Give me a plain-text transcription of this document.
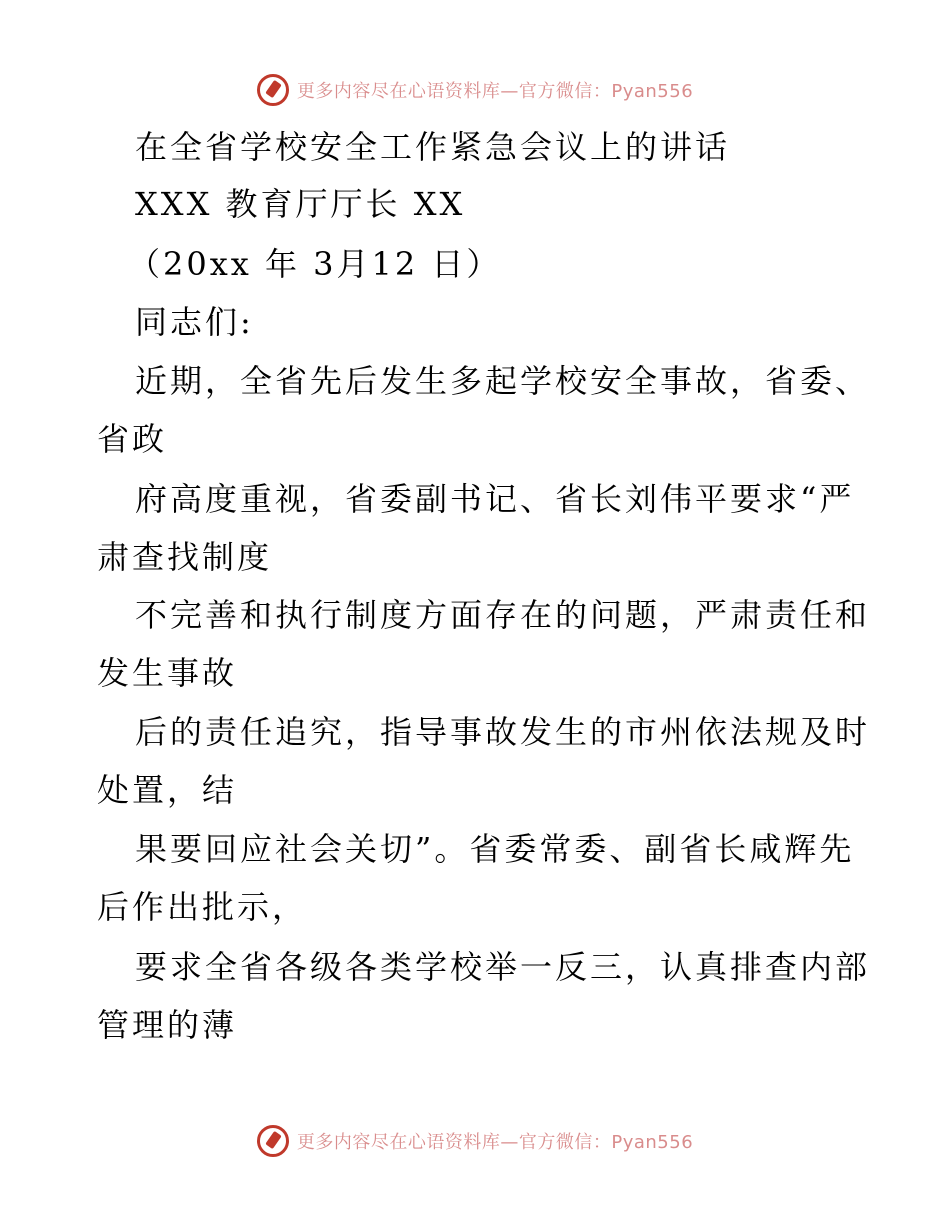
更多内容尽在心语资料库—官方微信：Pyan556
在全省学校安全工作紧急会议上的讲话
XXX 教育厅厅长 XX
（20xx 年 3月12 日）
同志们:
近期，全省先后发生多起学校安全事故，省委、
省政
府高度重视，省委副书记、省长刘伟平要求“严
肃查找制度
不完善和执行制度方面存在的问题，严肃责任和
发生事故
后的责任追究，指导事故发生的市州依法规及时
处置，结
果要回应社会关切”。省委常委、副省长咸辉先
后作出批示，
要求全省各级各类学校举一反三，认真排查内部
管理的薄
更多内容尽在心语资料库—官方微信：Pyan556
